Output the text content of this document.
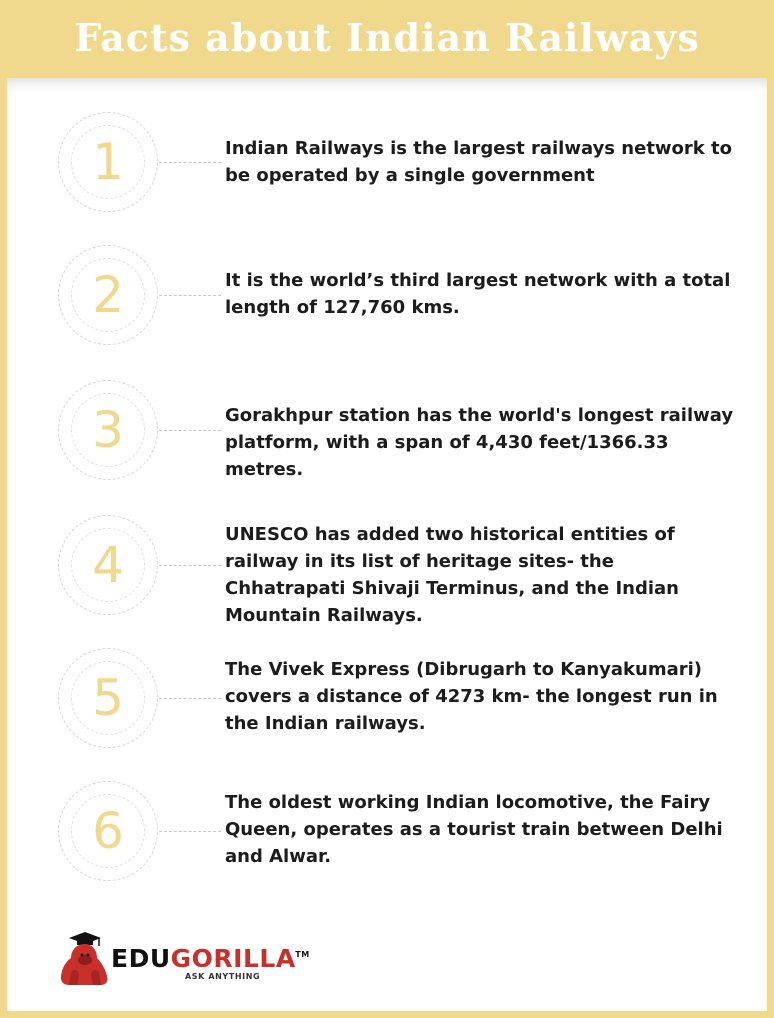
Facts about Indian Railways
1	Indian Railways is the largest railways network to be operated by a single government
2	It is the world’s third largest network with a total length of 127,760 kms.
3	Gorakhpur station has the world's longest railway platform, with a span of 4,430 feet/1366.33 metres.
4
UNESCO has added two historical entities of railway in its list of heritage sites- the Chhatrapati Shivaji Terminus, and the Indian Mountain Railways.
5	The Vivek Express (Dibrugarh to Kanyakumari) covers a distance of 4273 km- the longest run in the Indian railways.
6	The oldest working Indian locomotive, the Fairy Queen, operates as a tourist train between Delhi and Alwar.
EDUGORILLA TM
ASK ANYTHING
